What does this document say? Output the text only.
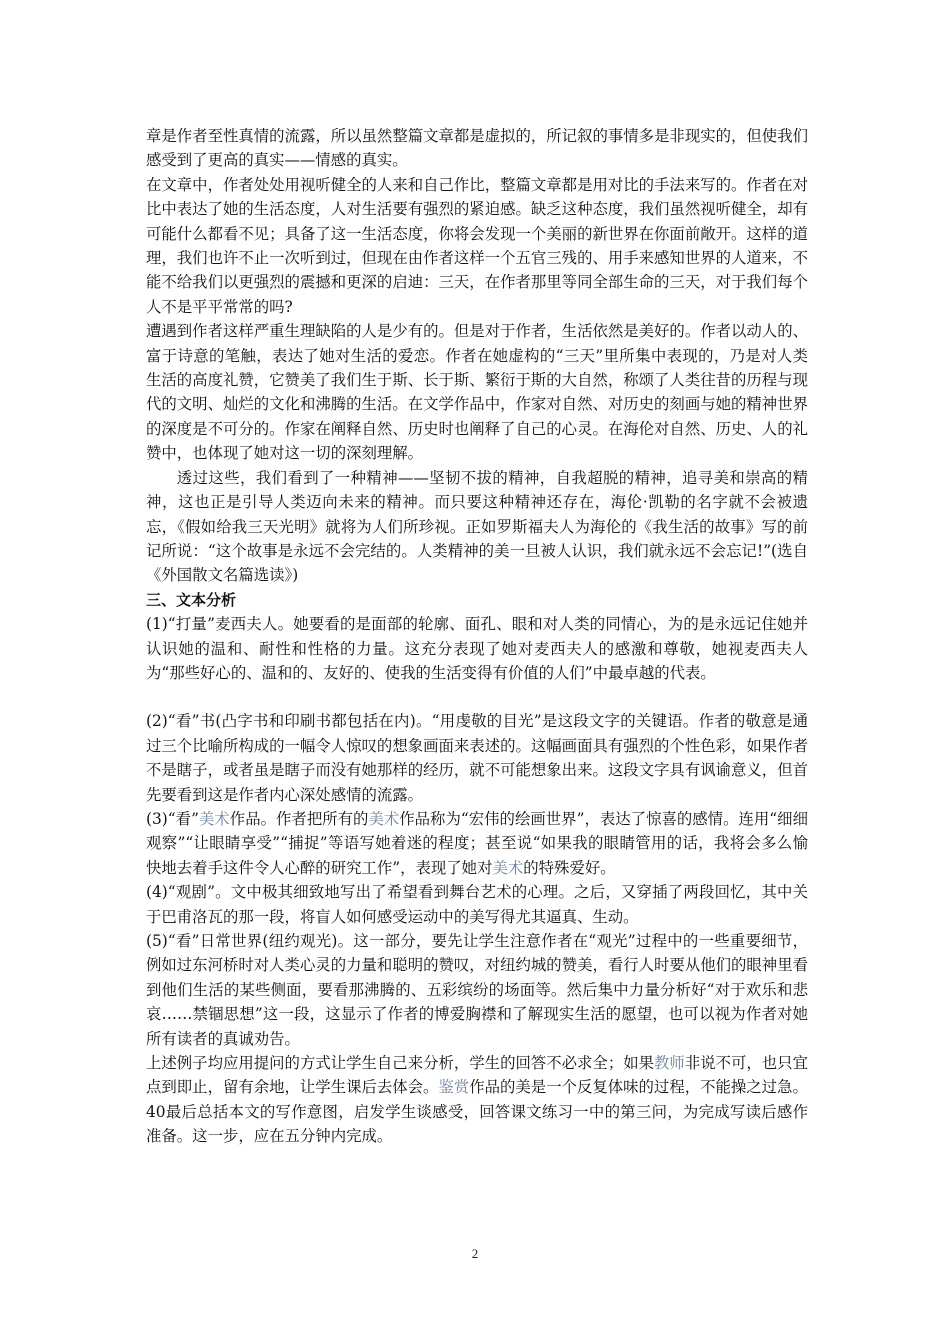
章是作者至性真情的流露，所以虽然整篇文章都是虚拟的，所记叙的事情多是非现实的，但使我们感受到了更高的真实——情感的真实。

在文章中，作者处处用视听健全的人来和自己作比，整篇文章都是用对比的手法来写的。作者在对比中表达了她的生活态度，人对生活要有强烈的紧迫感。缺乏这种态度，我们虽然视听健全，却有可能什么都看不见；具备了这一生活态度，你将会发现一个美丽的新世界在你面前敞开。这样的道理，我们也许不止一次听到过，但现在由作者这样一个五官三残的、用手来感知世界的人道来，不能不给我们以更强烈的震撼和更深的启迪：三天，在作者那里等同全部生命的三天，对于我们每个人不是平平常常的吗?

遭遇到作者这样严重生理缺陷的人是少有的。但是对于作者，生活依然是美好的。作者以动人的、富于诗意的笔触，表达了她对生活的爱恋。作者在她虚构的“三天”里所集中表现的，乃是对人类生活的高度礼赞，它赞美了我们生于斯、长于斯、繁衍于斯的大自然，称颂了人类往昔的历程与现代的文明、灿烂的文化和沸腾的生活。在文学作品中，作家对自然、对历史的刻画与她的精神世界的深度是不可分的。作家在阐释自然、历史时也阐释了自己的心灵。在海伦对自然、历史、人的礼赞中，也体现了她对这一切的深刻理解。

透过这些，我们看到了一种精神——坚韧不拔的精神，自我超脱的精神，追寻美和崇高的精神，这也正是引导人类迈向未来的精神。而只要这种精神还存在，海伦·凯勒的名字就不会被遗忘，《假如给我三天光明》就将为人们所珍视。正如罗斯福夫人为海伦的《我生活的故事》写的前记所说：“这个故事是永远不会完结的。人类精神的美一旦被人认识，我们就永远不会忘记!”(选自《外国散文名篇选读》)

三、文本分析

(1)“打量”麦西夫人。她要看的是面部的轮廓、面孔、眼和对人类的同情心，为的是永远记住她并认识她的温和、耐性和性格的力量。这充分表现了她对麦西夫人的感激和尊敬，她视麦西夫人为“那些好心的、温和的、友好的、使我的生活变得有价值的人们”中最卓越的代表。

(2)“看”书(凸字书和印刷书都包括在内)。“用虔敬的目光”是这段文字的关键语。作者的敬意是通过三个比喻所构成的一幅令人惊叹的想象画面来表述的。这幅画面具有强烈的个性色彩，如果作者不是瞎子，或者虽是瞎子而没有她那样的经历，就不可能想象出来。这段文字具有讽谕意义，但首先要看到这是作者内心深处感情的流露。

(3)“看”美术作品。作者把所有的美术作品称为“宏伟的绘画世界”，表达了惊喜的感情。连用“细细观察”“让眼睛享受”“捕捉”等语写她着迷的程度；甚至说“如果我的眼睛管用的话，我将会多么愉快地去着手这件令人心醉的研究工作”，表现了她对美术的特殊爱好。

(4)“观剧”。文中极其细致地写出了希望看到舞台艺术的心理。之后，又穿插了两段回忆，其中关于巴甫洛瓦的那一段，将盲人如何感受运动中的美写得尤其逼真、生动。

(5)“看”日常世界(纽约观光)。这一部分，要先让学生注意作者在“观光”过程中的一些重要细节，例如过东河桥时对人类心灵的力量和聪明的赞叹，对纽约城的赞美，看行人时要从他们的眼神里看到他们生活的某些侧面，要看那沸腾的、五彩缤纷的场面等。然后集中力量分析好“对于欢乐和悲哀……禁锢思想”这一段，这显示了作者的博爱胸襟和了解现实生活的愿望，也可以视为作者对她所有读者的真诚劝告。

上述例子均应用提问的方式让学生自己来分析，学生的回答不必求全；如果教师非说不可，也只宜点到即止，留有余地，让学生课后去体会。鉴赏作品的美是一个反复体味的过程，不能操之过急。

40最后总括本文的写作意图，启发学生谈感受，回答课文练习一中的第三问，为完成写读后感作准备。这一步，应在五分钟内完成。

2
